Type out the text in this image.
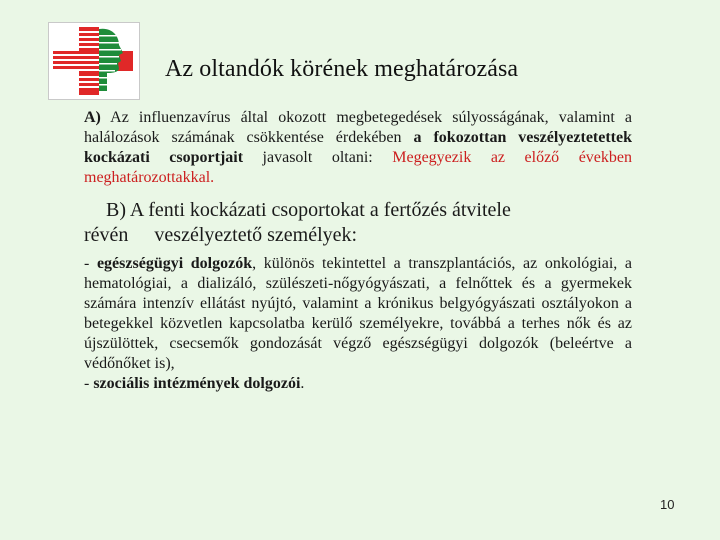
Az oltandók körének meghatározása

A) Az influenzavírus által okozott megbetegedések súlyosságának, valamint a halálozások számának csökkentése érdekében a fokozottan veszélyeztetettek kockázati csoportjait javasolt oltani: Megegyezik az előző években meghatározottakkal.

B) A fenti kockázati csoportokat a fertőzés átvitele
révén veszélyeztető személyek:

- egészségügyi dolgozók, különös tekintettel a transzplantációs, az onkológiai, a hematológiai, a dializáló, szülészeti-nőgyógyászati, a felnőttek és a gyermekek számára intenzív ellátást nyújtó, valamint a krónikus belgyógyászati osztályokon a betegekkel közvetlen kapcsolatba kerülő személyekre, továbbá a terhes nők és az újszülöttek, csecsemők gondozását végző egészségügyi dolgozók (beleértve a védőnőket is),
- szociális intézmények dolgozói.

10
